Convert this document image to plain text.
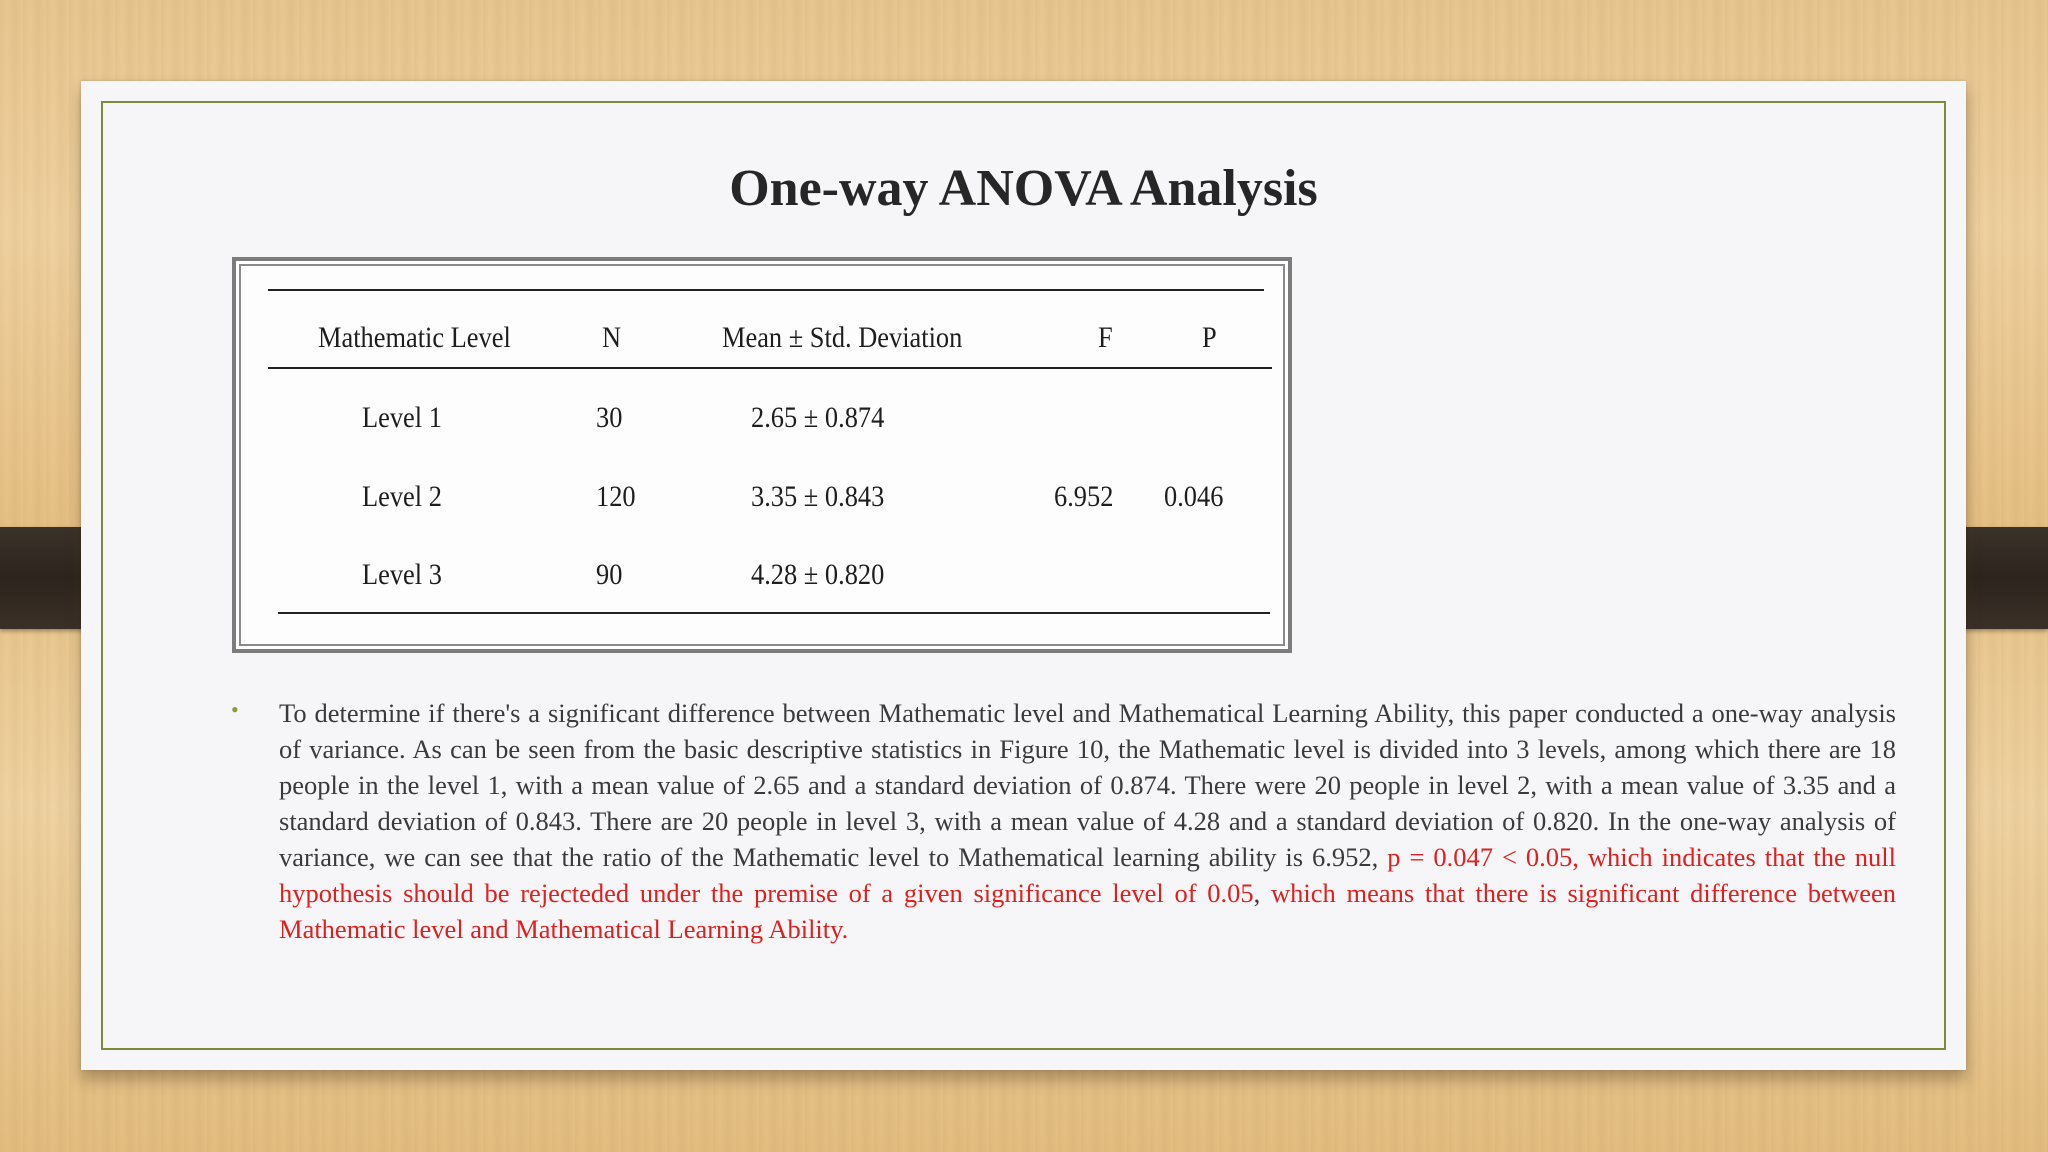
One-way ANOVA Analysis
Mathematic Level	N	Mean ± Std. Deviation	F	P
Level 1	30	2.65 ± 0.874
Level 2	120	3.35 ± 0.843	6.952 0.046
Level 3	90	4.28 ± 0.820
• To determine if there's a significant difference between Mathematic level and Mathematical Learning Ability, this paper conducted a one-way analysis of variance. As can be seen from the basic descriptive statistics in Figure 10, the Mathematic level is divided into 3 levels, among which there are 18 people in the level 1, with a mean value of 2.65 and a standard deviation of 0.874. There were 20 people in level 2, with a mean value of 3.35 and a standard deviation of 0.843. There are 20 people in level 3, with a mean value of 4.28 and a standard deviation of 0.820. In the one-way analysis of variance, we can see that the ratio of the Mathematic level to Mathematical learning ability is 6.952, p = 0.047 < 0.05, which indicates that the null hypothesis should be rejecteded under the premise of a given significance level of 0.05, which means that there is significant difference between Mathematic level and Mathematical Learning Ability.
